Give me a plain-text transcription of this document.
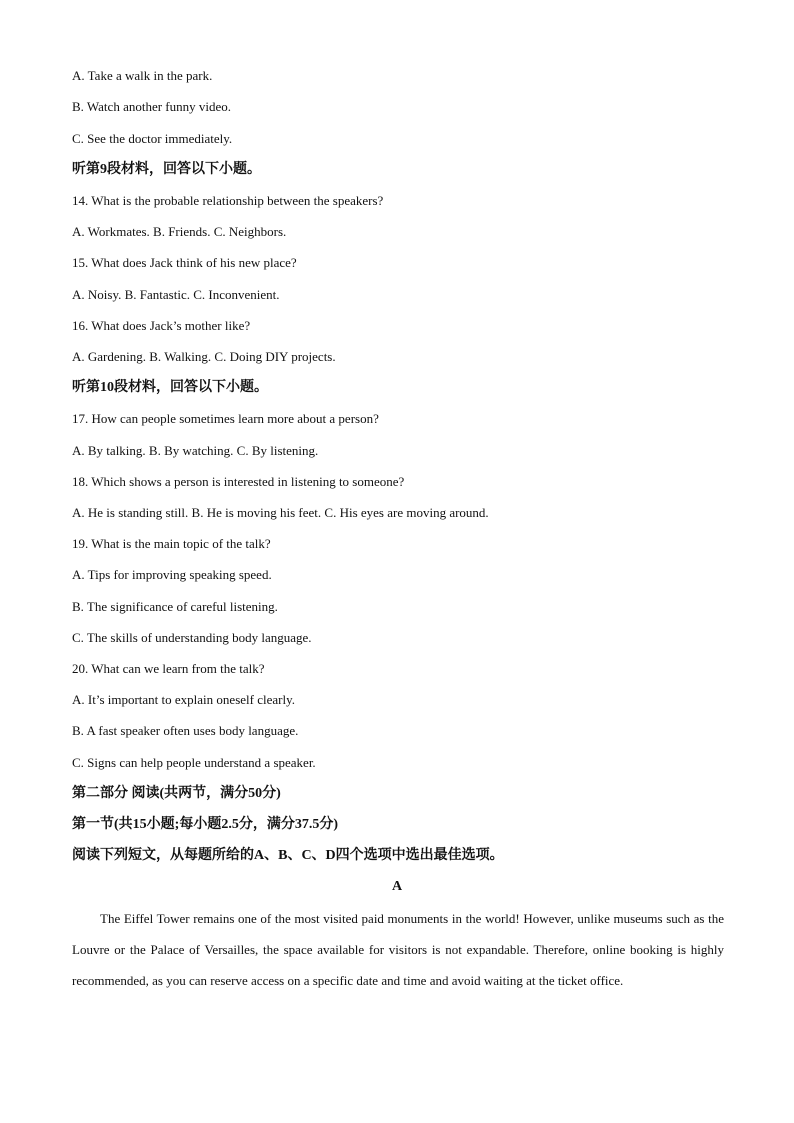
A. Take a walk in the park.
B. Watch another funny video.
C. See the doctor immediately.
听第9段材料，回答以下小题。
14. What is the probable relationship between the speakers?
A. Workmates. B. Friends. C. Neighbors.
15. What does Jack think of his new place?
A. Noisy. B. Fantastic. C. Inconvenient.
16. What does Jack’s mother like?
A. Gardening. B. Walking. C. Doing DIY projects.
听第10段材料，回答以下小题。
17. How can people sometimes learn more about a person?
A. By talking. B. By watching. C. By listening.
18. Which shows a person is interested in listening to someone?
A. He is standing still. B. He is moving his feet. C. His eyes are moving around.
19. What is the main topic of the talk?
A. Tips for improving speaking speed.
B. The significance of careful listening.
C. The skills of understanding body language.
20. What can we learn from the talk?
A. It’s important to explain oneself clearly.
B. A fast speaker often uses body language.
C. Signs can help people understand a speaker.
第二部分 阅读(共两节，满分50分)
第一节(共15小题;每小题2.5分，满分37.5分)
阅读下列短文，从每题所给的A、B、C、D四个选项中选出最佳选项。
A
The Eiffel Tower remains one of the most visited paid monuments in the world! However, unlike museums such as the Louvre or the Palace of Versailles, the space available for visitors is not expandable. Therefore, online booking is highly recommended, as you can reserve access on a specific date and time and avoid waiting at the ticket office.
